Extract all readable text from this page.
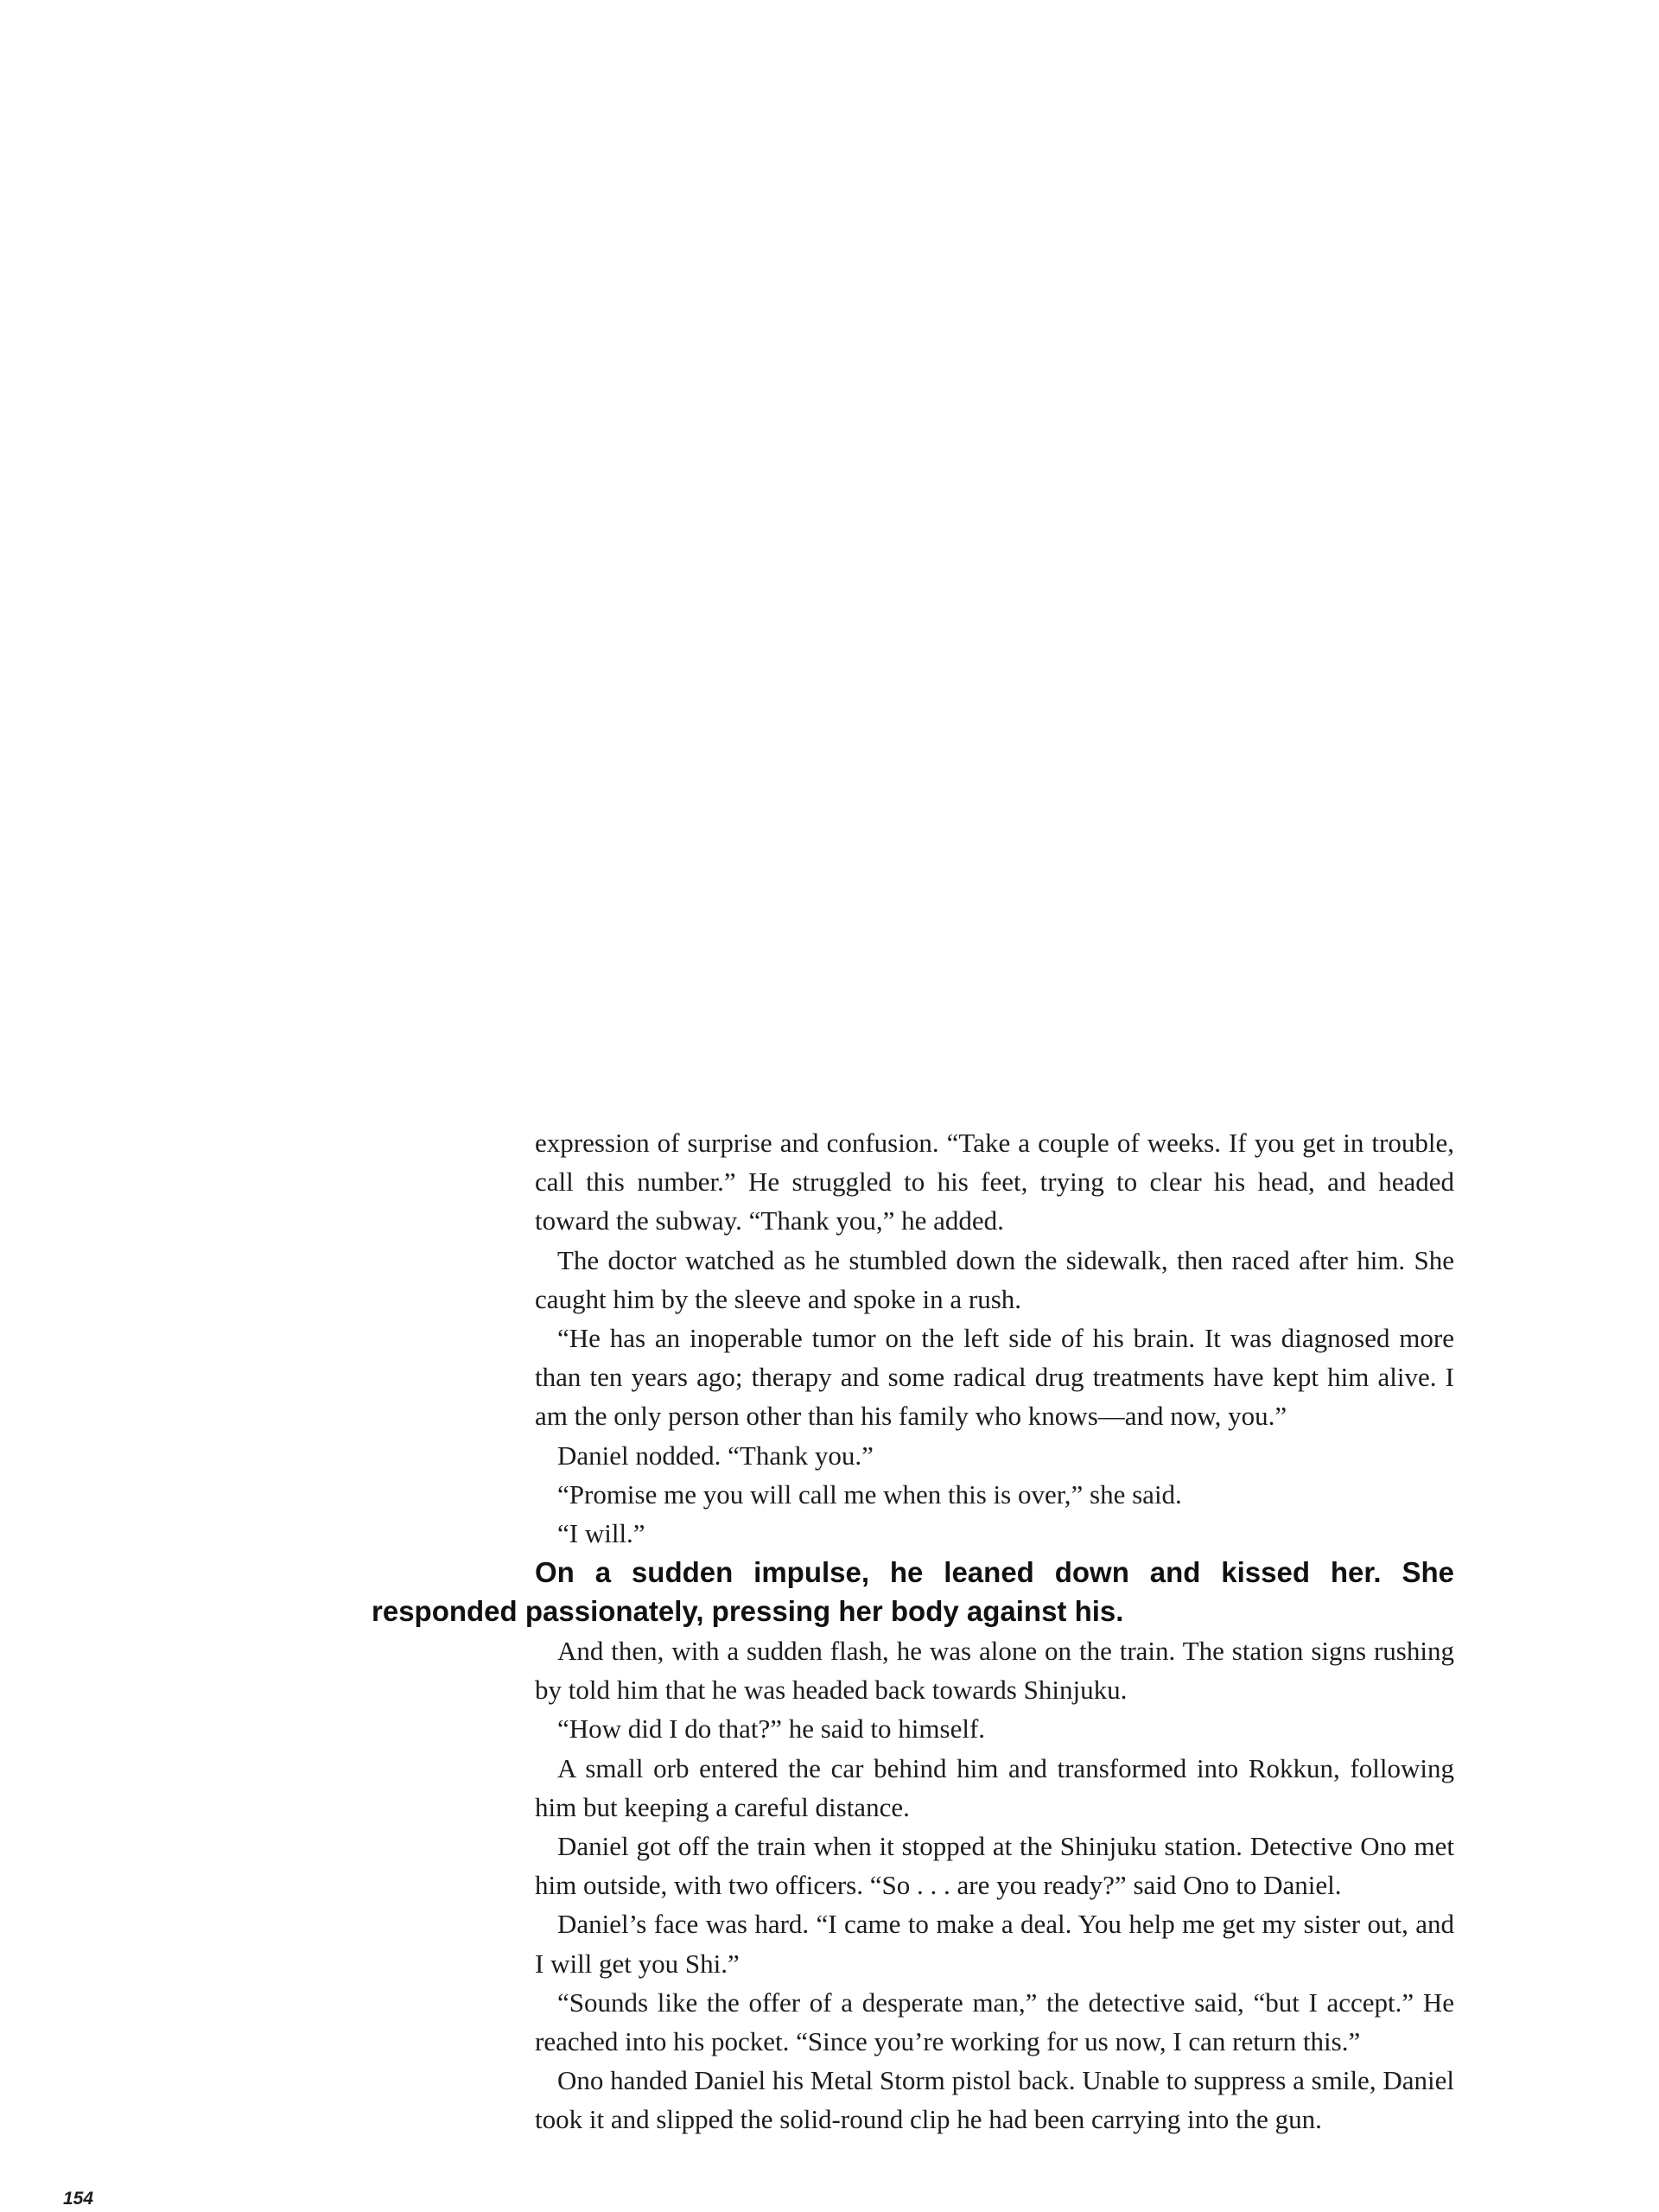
expression of surprise and confusion. “Take a couple of weeks. If you get in trouble, call this number.” He struggled to his feet, trying to clear his head, and headed toward the subway. “Thank you,” he added.

The doctor watched as he stumbled down the sidewalk, then raced after him. She caught him by the sleeve and spoke in a rush.

“He has an inoperable tumor on the left side of his brain. It was diagnosed more than ten years ago; therapy and some radical drug treatments have kept him alive. I am the only person other than his family who knows—and now, you.”

Daniel nodded. “Thank you.”

“Promise me you will call me when this is over,” she said.

“I will.”

On a sudden impulse, he leaned down and kissed her. She responded passionately, pressing her body against his.

And then, with a sudden flash, he was alone on the train. The station signs rushing by told him that he was headed back towards Shinjuku.

“How did I do that?” he said to himself.

A small orb entered the car behind him and transformed into Rokkun, following him but keeping a careful distance.

Daniel got off the train when it stopped at the Shinjuku station. Detective Ono met him outside, with two officers. “So . . . are you ready?” said Ono to Daniel.

Daniel’s face was hard. “I came to make a deal. You help me get my sister out, and I will get you Shi.”

“Sounds like the offer of a desperate man,” the detective said, “but I accept.” He reached into his pocket. “Since you’re working for us now, I can return this.”

Ono handed Daniel his Metal Storm pistol back. Unable to suppress a smile, Daniel took it and slipped the solid-round clip he had been carrying into the gun.

154
